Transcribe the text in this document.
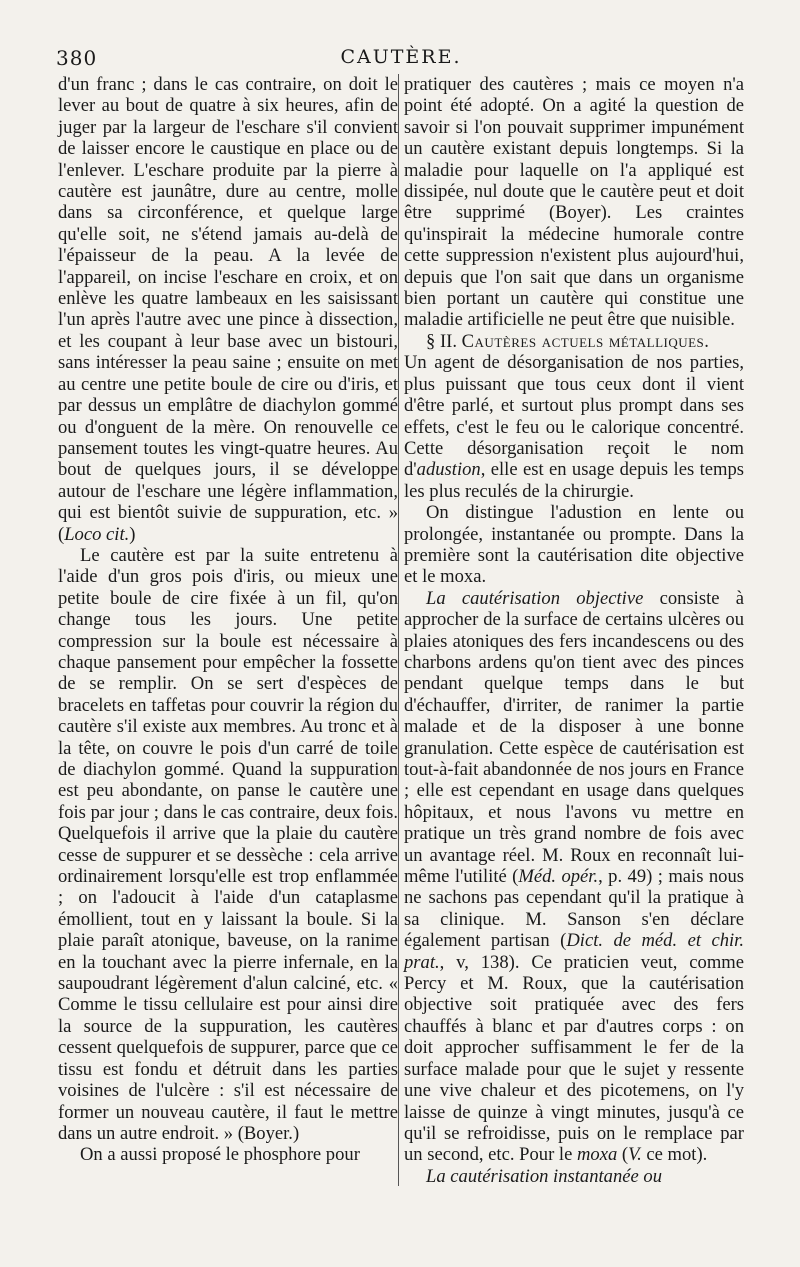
380	CAUTÈRE.

d'un franc ; dans le cas contraire, on doit le lever au bout de quatre à six heures, afin de juger par la largeur de l'eschare s'il convient de laisser encore le caustique en place ou de l'enlever. L'eschare produite par la pierre à cautère est jaunâtre, dure au centre, molle dans sa circonférence, et quelque large qu'elle soit, ne s'étend jamais au-delà de l'épaisseur de la peau. A la levée de l'appareil, on incise l'eschare en croix, et on enlève les quatre lambeaux en les saisissant l'un après l'autre avec une pince à dissection, et les coupant à leur base avec un bistouri, sans intéresser la peau saine ; ensuite on met au centre une petite boule de cire ou d'iris, et par dessus un emplâtre de diachylon gommé ou d'onguent de la mère. On renouvelle ce pansement toutes les vingt-quatre heures. Au bout de quelques jours, il se développe autour de l'eschare une légère inflammation, qui est bientôt suivie de suppuration, etc. » (Loco cit.)

Le cautère est par la suite entretenu à l'aide d'un gros pois d'iris, ou mieux une petite boule de cire fixée à un fil, qu'on change tous les jours. Une petite compression sur la boule est nécessaire à chaque pansement pour empêcher la fossette de se remplir. On se sert d'espèces de bracelets en taffetas pour couvrir la région du cautère s'il existe aux membres. Au tronc et à la tête, on couvre le pois d'un carré de toile de diachylon gommé. Quand la suppuration est peu abondante, on panse le cautère une fois par jour ; dans le cas contraire, deux fois. Quelquefois il arrive que la plaie du cautère cesse de suppurer et se dessèche : cela arrive ordinairement lorsqu'elle est trop enflammée ; on l'adoucit à l'aide d'un cataplasme émollient, tout en y laissant la boule. Si la plaie paraît atonique, baveuse, on la ranime en la touchant avec la pierre infernale, en la saupoudrant légèrement d'alun calciné, etc. « Comme le tissu cellulaire est pour ainsi dire la source de la suppuration, les cautères cessent quelquefois de suppurer, parce que ce tissu est fondu et détruit dans les parties voisines de l'ulcère : s'il est nécessaire de former un nouveau cautère, il faut le mettre dans un autre endroit. » (Boyer.)

On a aussi proposé le phosphore pour

pratiquer des cautères ; mais ce moyen n'a point été adopté. On a agité la question de savoir si l'on pouvait supprimer impunément un cautère existant depuis longtemps. Si la maladie pour laquelle on l'a appliqué est dissipée, nul doute que le cautère peut et doit être supprimé (Boyer). Les craintes qu'inspirait la médecine humorale contre cette suppression n'existent plus aujourd'hui, depuis que l'on sait que dans un organisme bien portant un cautère qui constitue une maladie artificielle ne peut être que nuisible.

§ II. Cautères actuels métalliques.

Un agent de désorganisation de nos parties, plus puissant que tous ceux dont il vient d'être parlé, et surtout plus prompt dans ses effets, c'est le feu ou le calorique concentré. Cette désorganisation reçoit le nom d'adustion, elle est en usage depuis les temps les plus reculés de la chirurgie.

On distingue l'adustion en lente ou prolongée, instantanée ou prompte. Dans la première sont la cautérisation dite objective et le moxa.

La cautérisation objective consiste à approcher de la surface de certains ulcères ou plaies atoniques des fers incandescens ou des charbons ardens qu'on tient avec des pinces pendant quelque temps dans le but d'échauffer, d'irriter, de ranimer la partie malade et de la disposer à une bonne granulation. Cette espèce de cautérisation est tout-à-fait abandonnée de nos jours en France ; elle est cependant en usage dans quelques hôpitaux, et nous l'avons vu mettre en pratique un très grand nombre de fois avec un avantage réel. M. Roux en reconnaît lui-même l'utilité (Méd. opér., p. 49) ; mais nous ne sachons pas cependant qu'il la pratique à sa clinique. M. Sanson s'en déclare également partisan (Dict. de méd. et chir. prat., v, 138). Ce praticien veut, comme Percy et M. Roux, que la cautérisation objective soit pratiquée avec des fers chauffés à blanc et par d'autres corps : on doit approcher suffisamment le fer de la surface malade pour que le sujet y ressente une vive chaleur et des picotemens, on l'y laisse de quinze à vingt minutes, jusqu'à ce qu'il se refroidisse, puis on le remplace par un second, etc. Pour le moxa (V. ce mot).

La cautérisation instantanée ou
